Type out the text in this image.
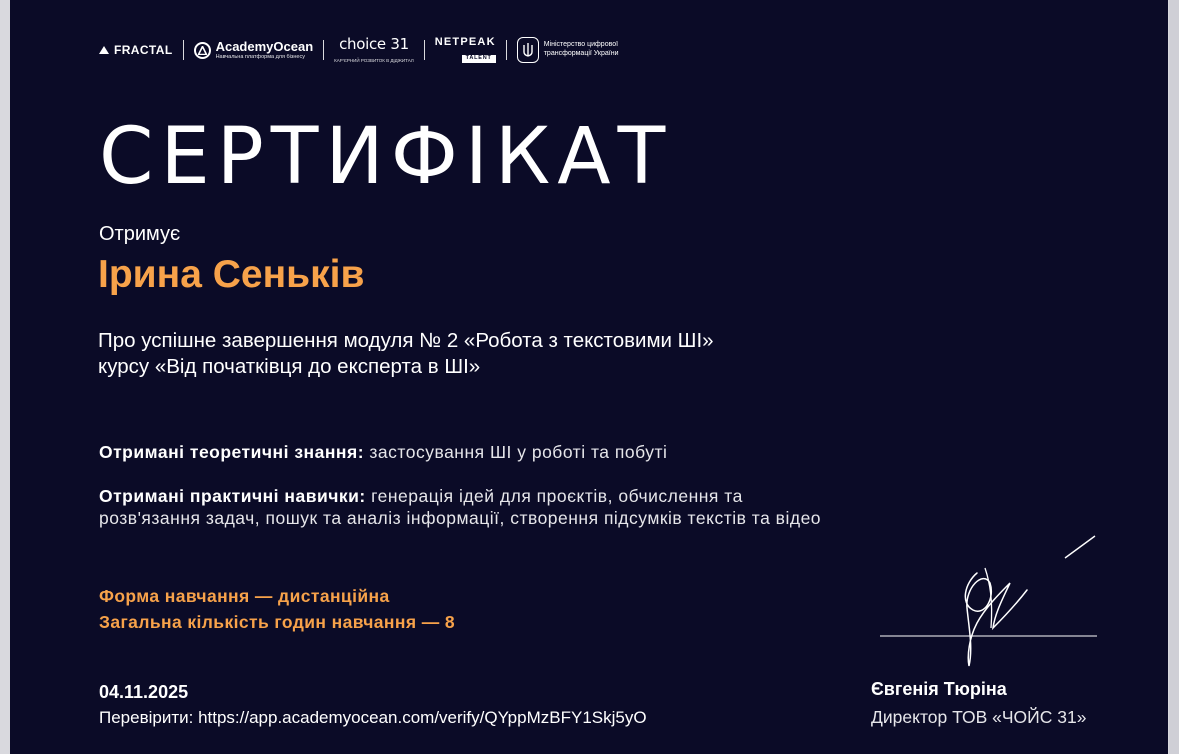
FRACTAL	AcademyOcean
Навчальна платформа для бізнесу
choice 31
КАР'ЄРНИЙ РОЗВИТОК В ДІДЖИТАЛ
NETPEAK
TALENT
Міністерство цифрової трансформації України
СЕРТИФІКАТ
Отримує
Ірина Сеньків
Про успішне завершення модуля № 2 «Робота з текстовими ШІ»
курсу «Від початківця до експерта в ШІ»
Отримані теоретичні знання: застосування ШІ у роботі та побуті
Отримані практичні навички: генерація ідей для проєктів, обчислення та
розв'язання задач, пошук та аналіз інформації, створення підсумків текстів та відео
Форма навчання — дистанційна
Загальна кількість годин навчання — 8
04.11.2025
Перевірити: https://app.academyocean.com/verify/QYppMzBFY1Skj5yO
Євгенія Тюріна
Директор ТОВ «ЧОЙС 31»
